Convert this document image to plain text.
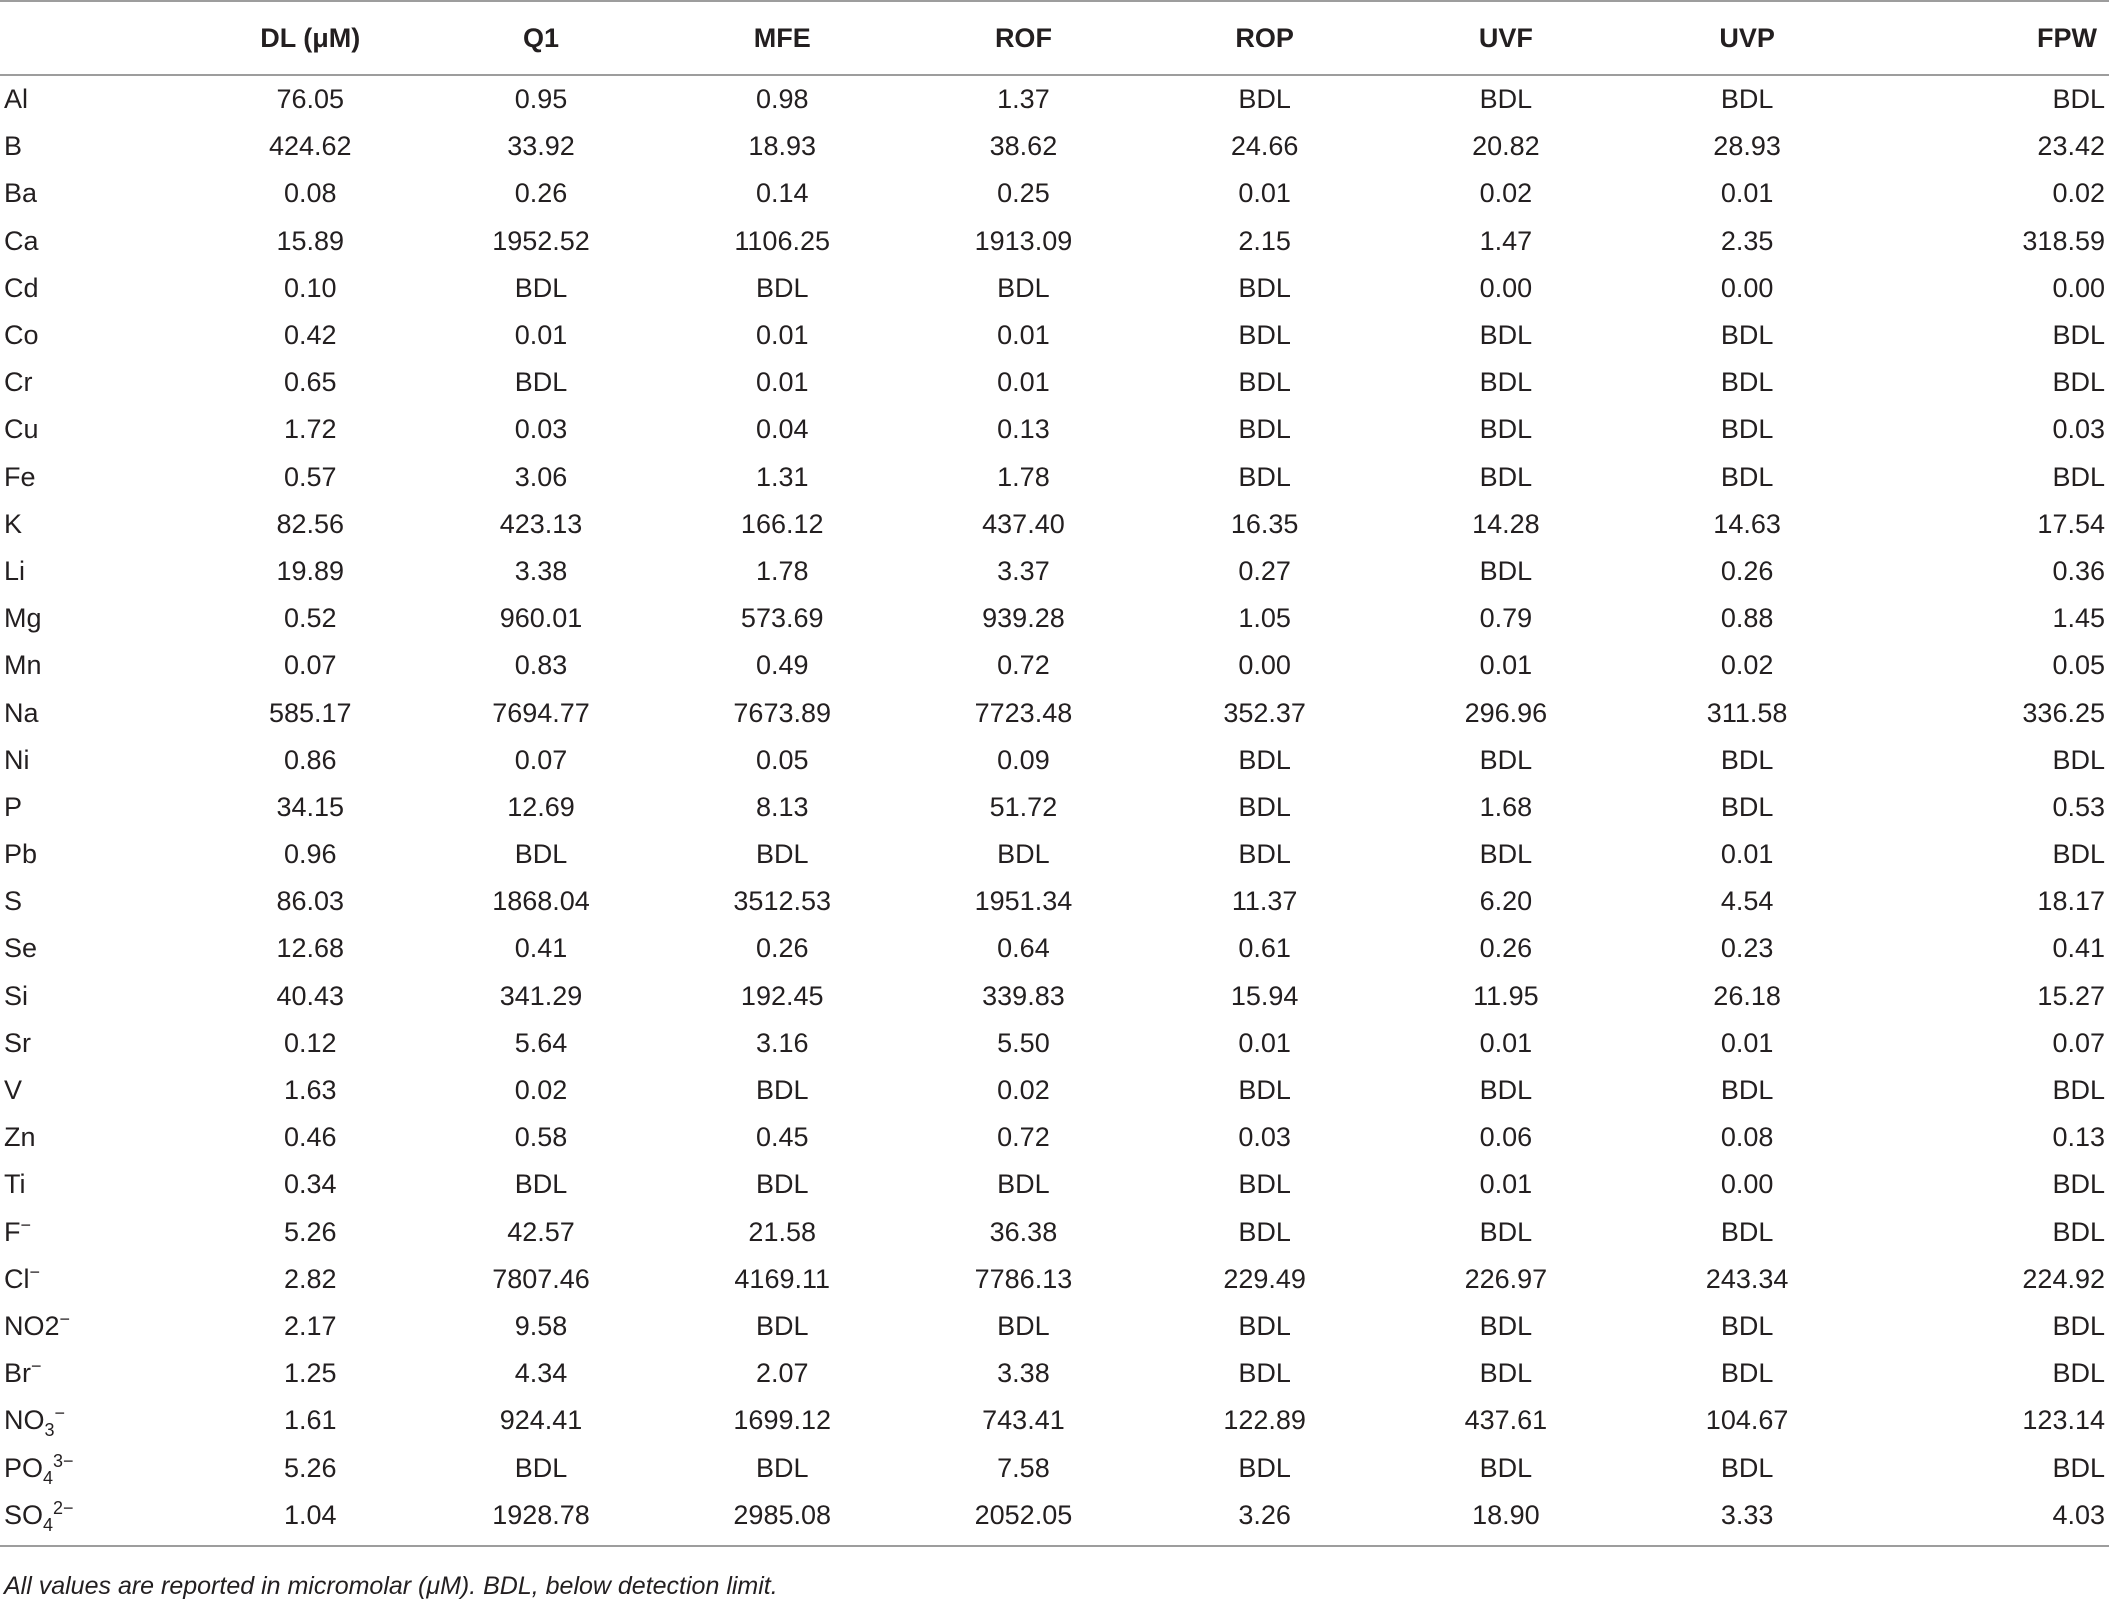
	DL (μM)	Q1	MFE	ROF	ROP	UVF	UVP	FPW
Al	76.05	0.95	0.98	1.37	BDL	BDL	BDL	BDL
B	424.62	33.92	18.93	38.62	24.66	20.82	28.93	23.42
Ba	0.08	0.26	0.14	0.25	0.01	0.02	0.01	0.02
Ca	15.89	1952.52	1106.25	1913.09	2.15	1.47	2.35	318.59
Cd	0.10	BDL	BDL	BDL	BDL	0.00	0.00	0.00
Co	0.42	0.01	0.01	0.01	BDL	BDL	BDL	BDL
Cr	0.65	BDL	0.01	0.01	BDL	BDL	BDL	BDL
Cu	1.72	0.03	0.04	0.13	BDL	BDL	BDL	0.03
Fe	0.57	3.06	1.31	1.78	BDL	BDL	BDL	BDL
K	82.56	423.13	166.12	437.40	16.35	14.28	14.63	17.54
Li	19.89	3.38	1.78	3.37	0.27	BDL	0.26	0.36
Mg	0.52	960.01	573.69	939.28	1.05	0.79	0.88	1.45
Mn	0.07	0.83	0.49	0.72	0.00	0.01	0.02	0.05
Na	585.17	7694.77	7673.89	7723.48	352.37	296.96	311.58	336.25
Ni	0.86	0.07	0.05	0.09	BDL	BDL	BDL	BDL
P	34.15	12.69	8.13	51.72	BDL	1.68	BDL	0.53
Pb	0.96	BDL	BDL	BDL	BDL	BDL	0.01	BDL
S	86.03	1868.04	3512.53	1951.34	11.37	6.20	4.54	18.17
Se	12.68	0.41	0.26	0.64	0.61	0.26	0.23	0.41
Si	40.43	341.29	192.45	339.83	15.94	11.95	26.18	15.27
Sr	0.12	5.64	3.16	5.50	0.01	0.01	0.01	0.07
V	1.63	0.02	BDL	0.02	BDL	BDL	BDL	BDL
Zn	0.46	0.58	0.45	0.72	0.03	0.06	0.08	0.13
Ti	0.34	BDL	BDL	BDL	BDL	0.01	0.00	BDL
F−	5.26	42.57	21.58	36.38	BDL	BDL	BDL	BDL
Cl−	2.82	7807.46	4169.11	7786.13	229.49	226.97	243.34	224.92
NO2−	2.17	9.58	BDL	BDL	BDL	BDL	BDL	BDL
Br−	1.25	4.34	2.07	3.38	BDL	BDL	BDL	BDL
$NO_3^-$	1.61	924.41	1699.12	743.41	122.89	437.61	104.67	123.14
$PO_4^{3-}$	5.26	BDL	BDL	7.58	BDL	BDL	BDL	BDL
$SO_4^{2-}$	1.04	1928.78	2985.08	2052.05	3.26	18.90	3.33	4.03
All values are reported in micromolar (μM). BDL, below detection limit.
